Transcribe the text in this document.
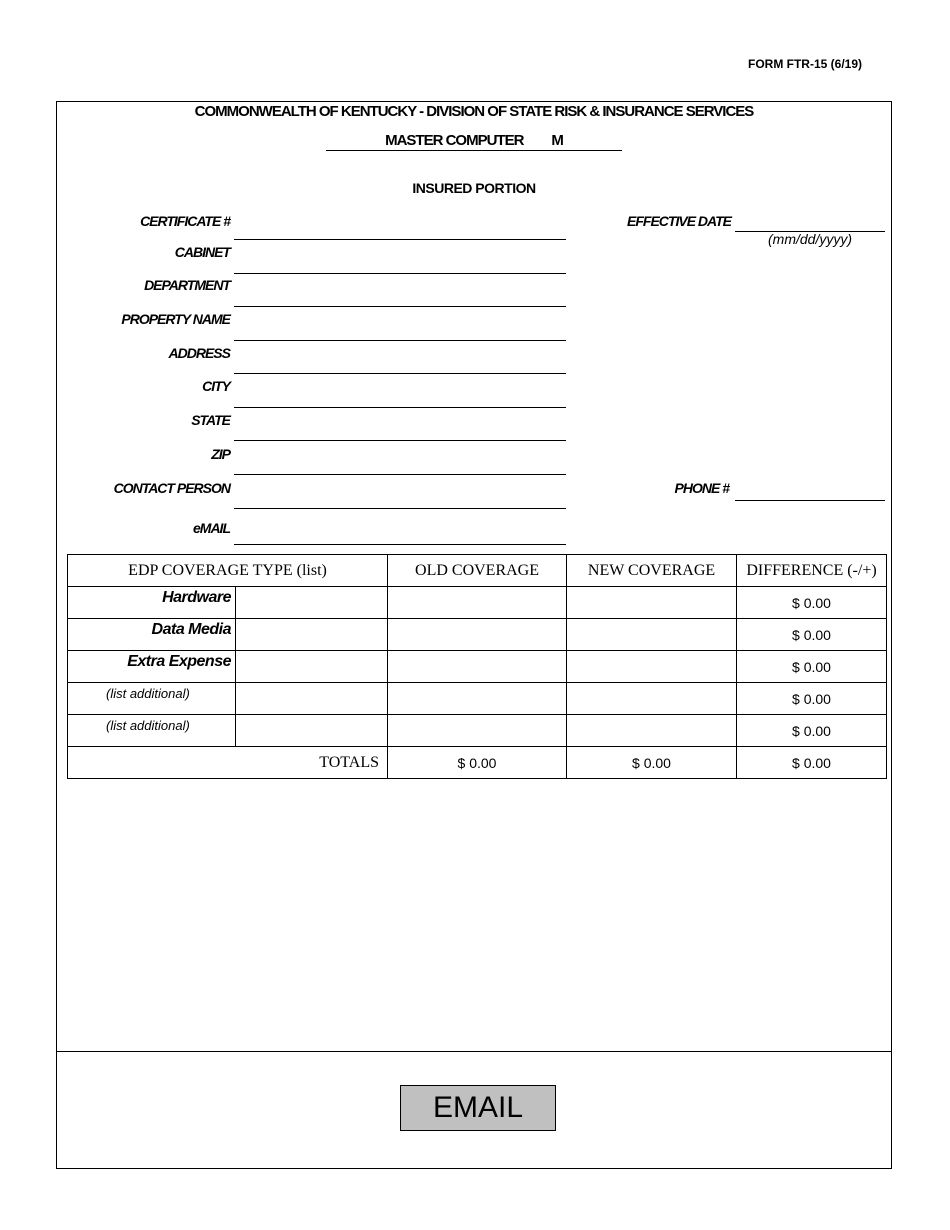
FORM FTR-15 (6/19)
COMMONWEALTH OF KENTUCKY - DIVISION OF STATE RISK & INSURANCE SERVICES
MASTER COMPUTER M
INSURED PORTION
CERTIFICATE #
CABINET
DEPARTMENT
PROPERTY NAME
ADDRESS
CITY
STATE
ZIP
CONTACT PERSON
eMAIL
EFFECTIVE DATE
(mm/dd/yyyy)
PHONE #
EDP COVERAGE TYPE (list)		OLD COVERAGE	NEW COVERAGE	DIFFERENCE (-/+)
Hardware				$ 0.00
Data Media				$ 0.00
Extra Expense				$ 0.00
(list additional)				$ 0.00
(list additional)				$ 0.00
TOTALS		$ 0.00	$ 0.00	$ 0.00
EMAIL
